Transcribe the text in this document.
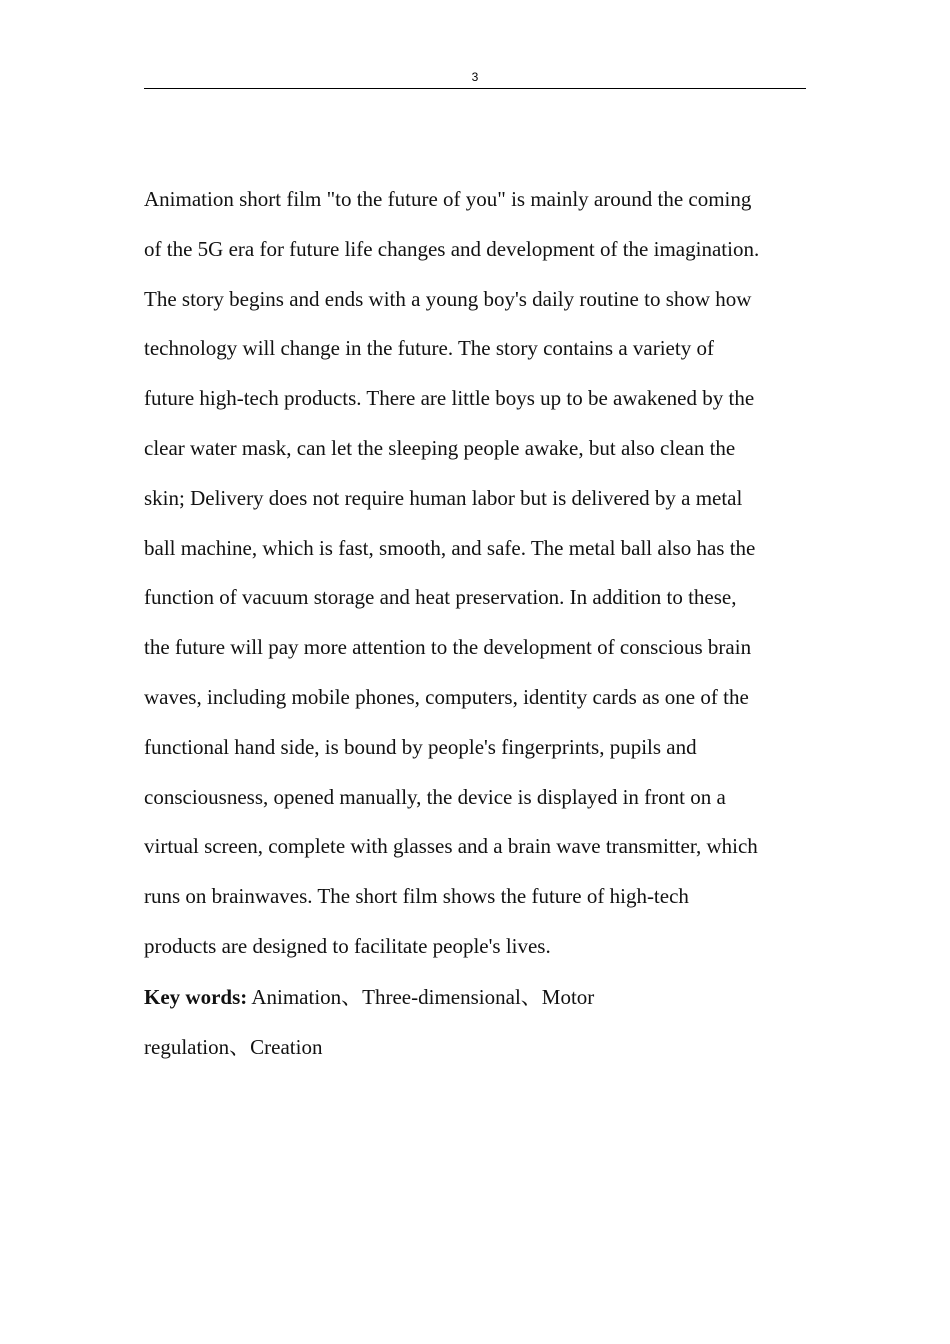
3

Animation short film "to the future of you" is mainly around the coming
of the 5G era for future life changes and development of the imagination.
The story begins and ends with a young boy's daily routine to show how
technology will change in the future. The story contains a variety of
future high-tech products. There are little boys up to be awakened by the
clear water mask, can let the sleeping people awake, but also clean the
skin; Delivery does not require human labor but is delivered by a metal
ball machine, which is fast, smooth, and safe. The metal ball also has the
function of vacuum storage and heat preservation. In addition to these,
the future will pay more attention to the development of conscious brain
waves, including mobile phones, computers, identity cards as one of the
functional hand side, is bound by people's fingerprints, pupils and
consciousness, opened manually, the device is displayed in front on a
virtual screen, complete with glasses and a brain wave transmitter, which
runs on brainwaves. The short film shows the future of high-tech
products are designed to facilitate people's lives.

Key words: Animation、Three-dimensional、Motor
regulation、Creation
